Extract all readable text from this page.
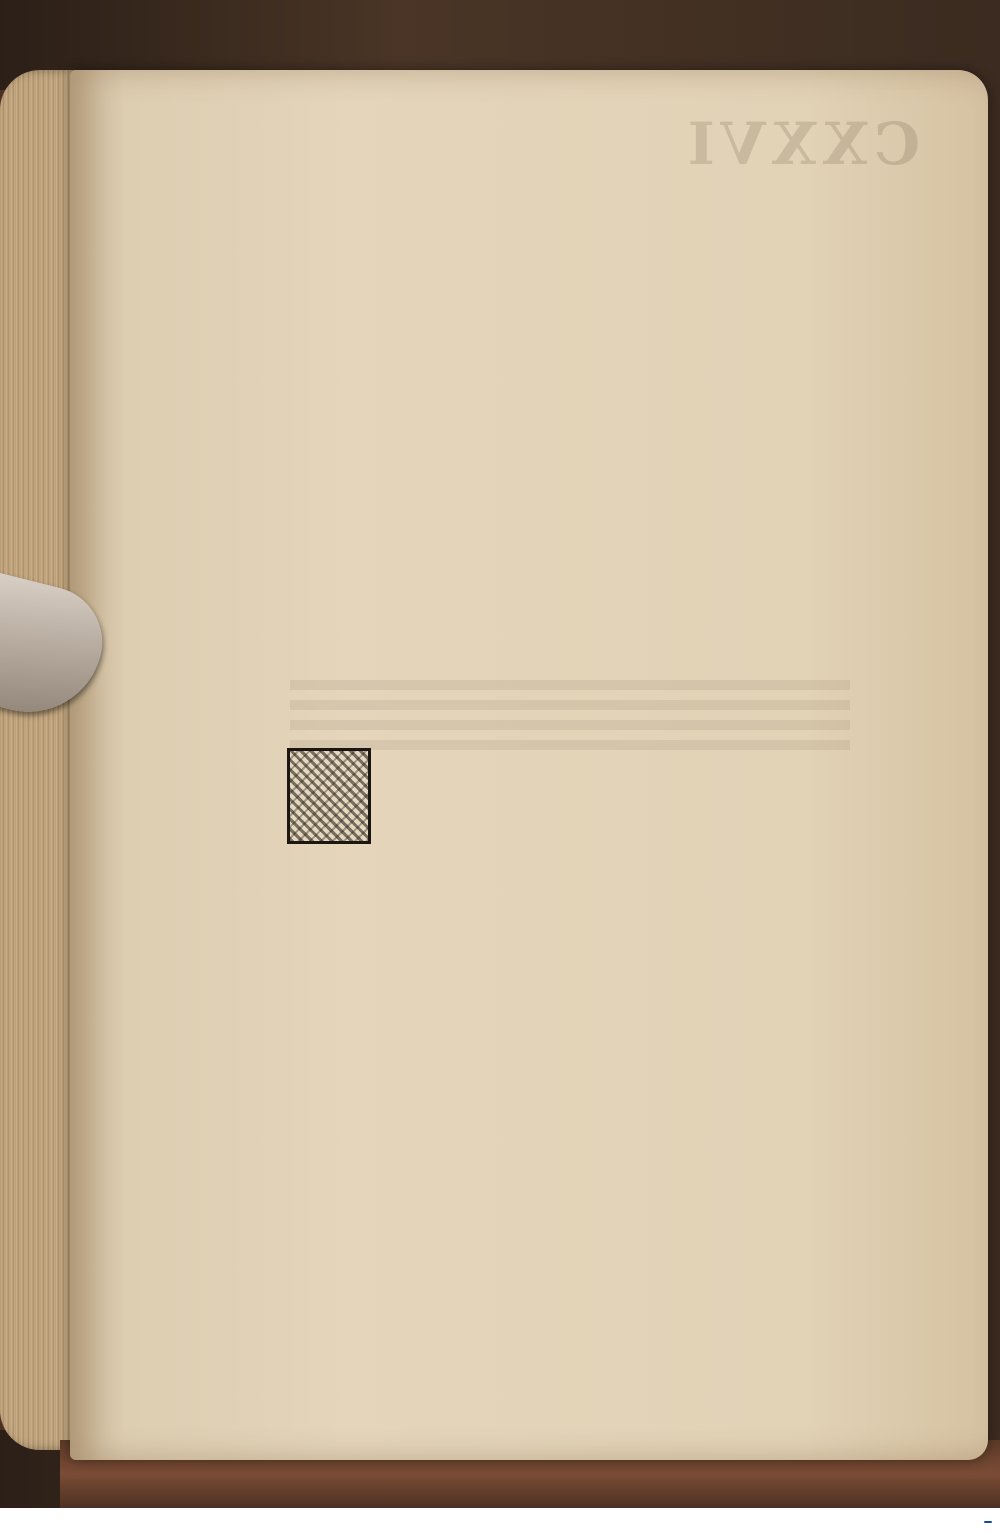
CXXVI
